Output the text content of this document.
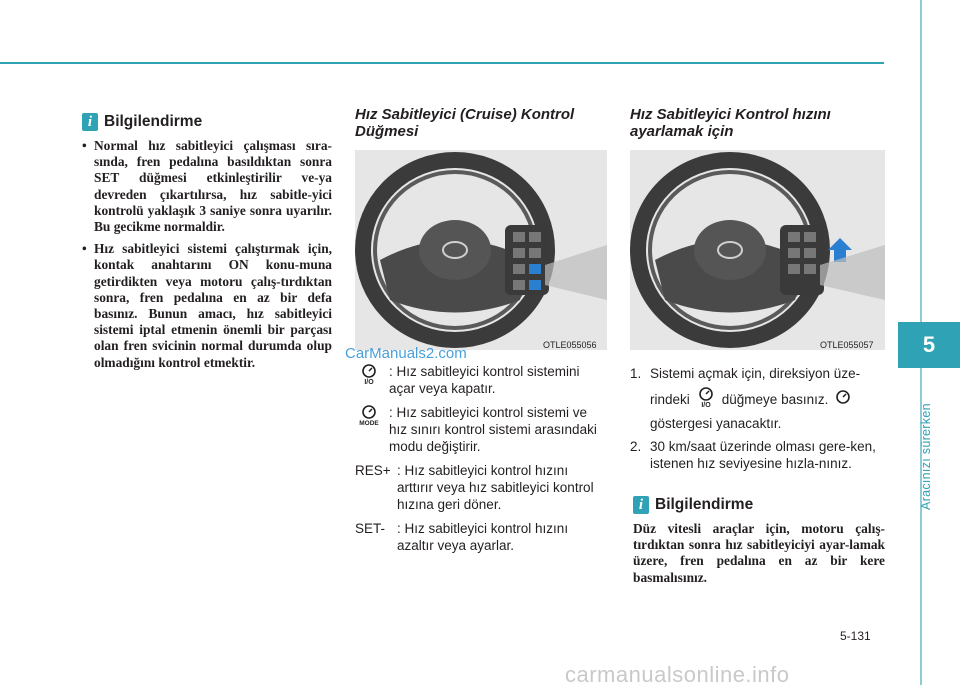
5
Aracınızı sürerken
i Bilgilendirme
• Normal hız sabitleyici çalışması sıra-sında, fren pedalına basıldıktan sonra SET düğmesi etkinleştirilir ve-ya devreden çıkartılırsa, hız sabitle-yici kontrolü yaklaşık 3 saniye sonra uyarılır. Bu gecikme normaldir.
• Hız sabitleyici sistemi çalıştırmak için, kontak anahtarını ON konu-muna getirdikten veya motoru çalış-tırdıktan sonra, fren pedalına en az bir defa basınız. Bunun amacı, hız sabitleyici sistemi iptal etmenin önemli bir parçası olan fren svicinin normal durumda olup olmadığını kontrol etmektir.
Hız Sabitleyici (Cruise) Kontrol Düğmesi
OTLE055056
CarManuals2.com
I/O
: Hız sabitleyici kontrol sistemini açar veya kapatır.
MODE
: Hız sabitleyici kontrol sistemi ve hız sınırı kontrol sistemi arasındaki modu değiştirir.
RES+ : Hız sabitleyici kontrol hızını arttırır veya hız sabitleyici kontrol hızına geri döner.
SET- : Hız sabitleyici kontrol hızını azaltır veya ayarlar.
Hız Sabitleyici Kontrol hızını ayarlamak için
OTLE055057
1. Sistemi açmak için, direksiyon üze-
rindeki I/O düğmeye basınız.
göstergesi yanacaktır.
2. 30 km/saat üzerinde olması gere-ken, istenen hız seviyesine hızla-nınız.
i Bilgilendirme
Düz vitesli araçlar için, motoru çalış-tırdıktan sonra hız sabitleyiciyi ayar-lamak üzere, fren pedalına en az bir kere basmalısınız.
5-131
carmanualsonline.info
